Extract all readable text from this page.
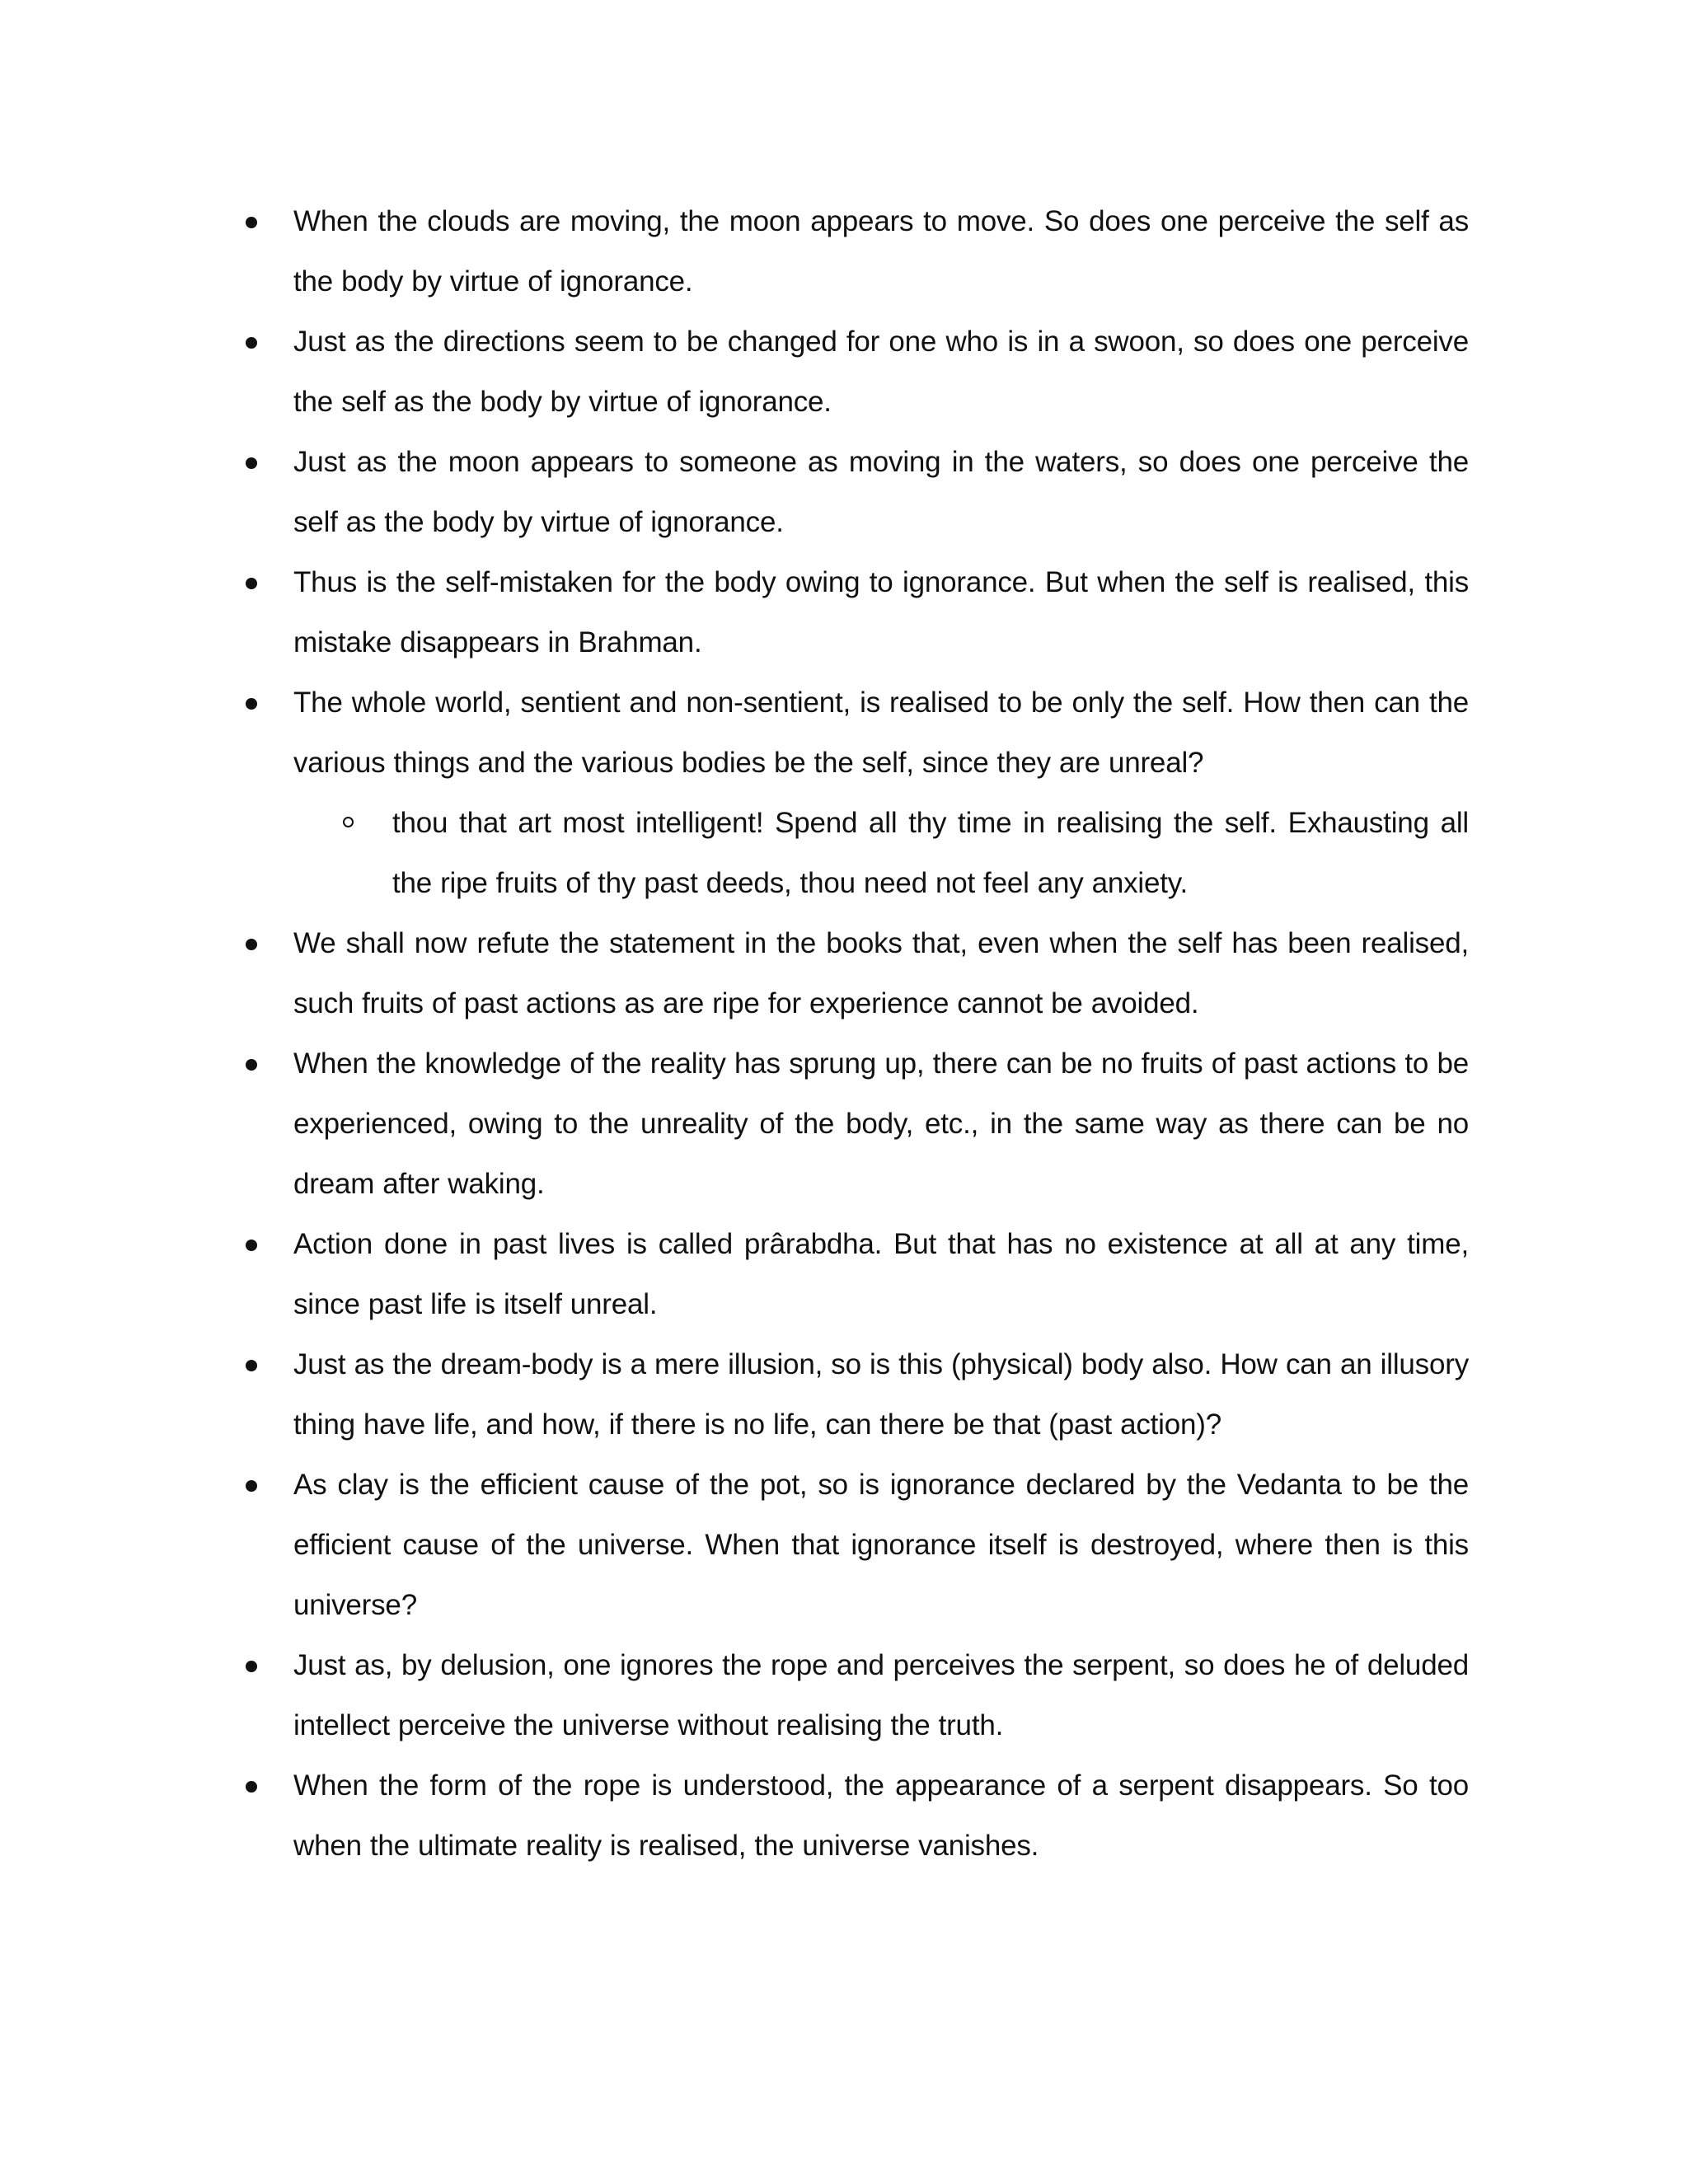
When the clouds are moving, the moon appears to move. So does one perceive the self as the body by virtue of ignorance.
Just as the directions seem to be changed for one who is in a swoon, so does one perceive the self as the body by virtue of ignorance.
Just as the moon appears to someone as moving in the waters, so does one perceive the self as the body by virtue of ignorance.
Thus is the self-mistaken for the body owing to ignorance. But when the self is realised, this mistake disappears in Brahman.
The whole world, sentient and non-sentient, is realised to be only the self. How then can the various things and the various bodies be the self, since they are unreal?
thou that art most intelligent! Spend all thy time in realising the self. Exhausting all the ripe fruits of thy past deeds, thou need not feel any anxiety.
We shall now refute the statement in the books that, even when the self has been realised, such fruits of past actions as are ripe for experience cannot be avoided.
When the knowledge of the reality has sprung up, there can be no fruits of past actions to be experienced, owing to the unreality of the body, etc., in the same way as there can be no dream after waking.
Action done in past lives is called prârabdha. But that has no existence at all at any time, since past life is itself unreal.
Just as the dream-body is a mere illusion, so is this (physical) body also. How can an illusory thing have life, and how, if there is no life, can there be that (past action)?
As clay is the efficient cause of the pot, so is ignorance declared by the Vedanta to be the efficient cause of the universe. When that ignorance itself is destroyed, where then is this universe?
Just as, by delusion, one ignores the rope and perceives the serpent, so does he of deluded intellect perceive the universe without realising the truth.
When the form of the rope is understood, the appearance of a serpent disappears. So too when the ultimate reality is realised, the universe vanishes.
